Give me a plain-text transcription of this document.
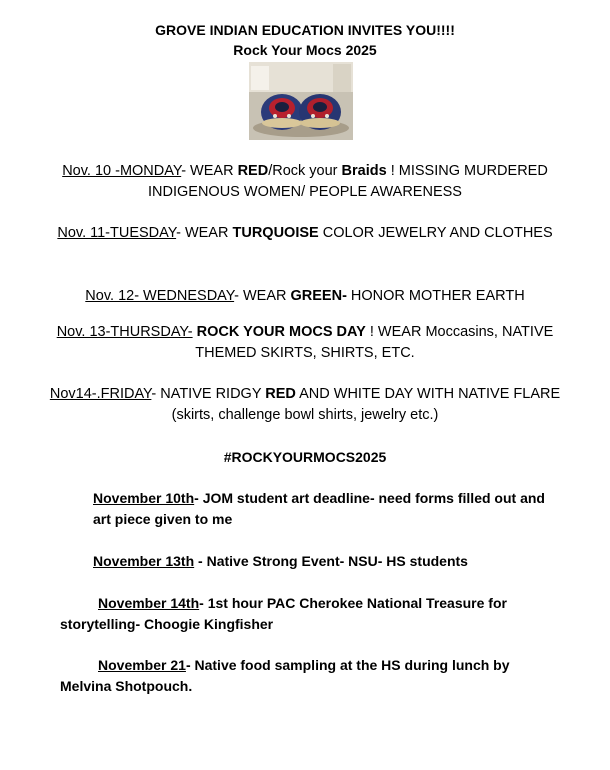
GROVE INDIAN EDUCATION INVITES YOU!!!!
Rock Your Mocs 2025
Nov. 10 -MONDAY- WEAR RED/Rock your Braids ! MISSING MURDERED INDIGENOUS WOMEN/ PEOPLE AWARENESS
Nov. 11-TUESDAY- WEAR TURQUOISE COLOR JEWELRY AND CLOTHES
Nov. 12- WEDNESDAY- WEAR GREEN- HONOR MOTHER EARTH
Nov. 13-THURSDAY- ROCK YOUR MOCS DAY ! WEAR Moccasins, NATIVE THEMED SKIRTS, SHIRTS, ETC.
Nov14-.FRIDAY- NATIVE RIDGY RED AND WHITE DAY WITH NATIVE FLARE (skirts, challenge bowl shirts, jewelry etc.)
#ROCKYOURMOCS2025
November 10th- JOM student art deadline- need forms filled out and art piece given to me
November 13th - Native Strong Event- NSU- HS students
November 14th- 1st hour PAC Cherokee National Treasure for storytelling- Choogie Kingfisher
November 21- Native food sampling at the HS during lunch by Melvina Shotpouch.
